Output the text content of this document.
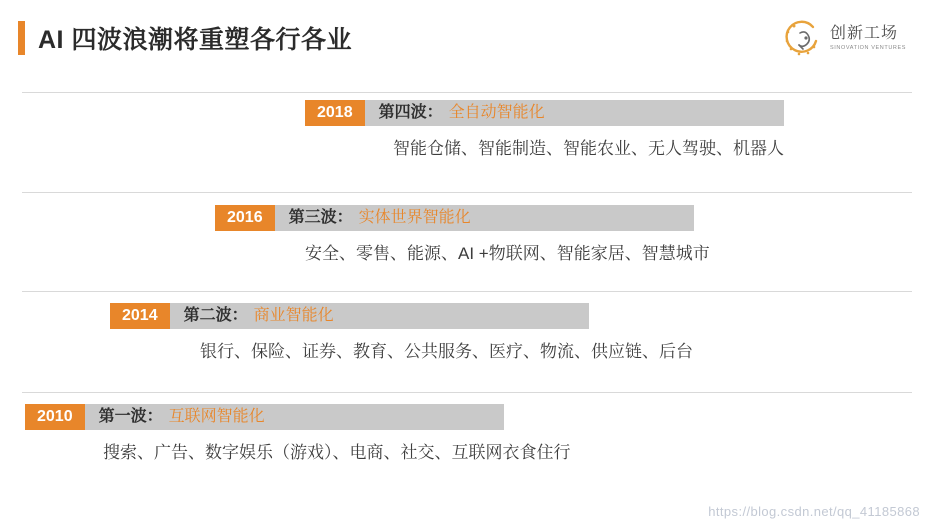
AI 四波浪潮将重塑各行各业	创新工场
SINOVATION VENTURES
2018	第四波： 全自动智能化
智能仓储、智能制造、智能农业、无人驾驶、机器人
2016	第三波： 实体世界智能化
安全、零售、能源、AI +物联网、智能家居、智慧城市
2014	第二波： 商业智能化
银行、保险、证券、教育、公共服务、医疗、物流、供应链、后台
2010	第一波： 互联网智能化
搜索、广告、数字娱乐（游戏）、电商、社交、互联网衣食住行
https://blog.csdn.net/qq_41185868
